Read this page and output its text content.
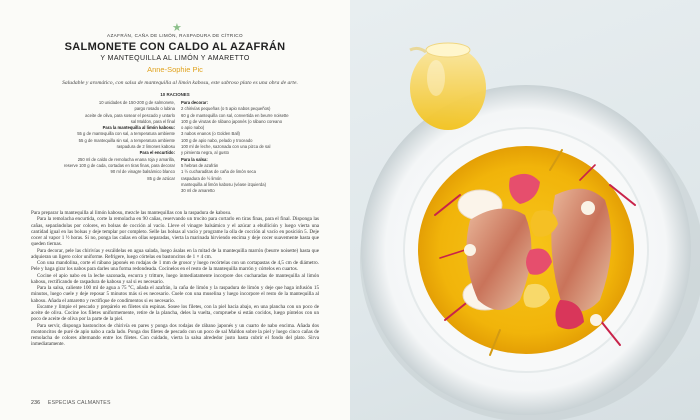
★
AZAFRÁN, CAÑA DE LIMÓN, RASPADURA DE CÍTRICO
SALMONETE CON CALDO AL AZAFRÁN
Y MANTEQUILLA AL LIMÓN Y AMARETTO
Anne-Sophie Pic
Saludable y aromático, con salsa de mantequilla al limón kabosu, este sabroso plato es una obra de arte.
10 RACIONES
10 unidades de 150-200 g de salmonete,
pargo rosado o lubina
aceite de oliva, para sosear el pescado y untarlo
sal Maldon, para el final
Para la mantequilla al limón kabosu:
55 g de mantequilla con sal, a temperatura ambiente
55 g de mantequilla sin sal, a temperatura ambiente
raspadura de 2 limones kabosu
Para el encurtido:
250 ml de caldo de remolacha enana roja y amarilla,
reserve 100 g de cada, cortadas en tiras finas, para decorar
90 ml de vinagre balsámico blanco
85 g de azúcar
Para decorar:
2 chirivías pequeñas (o 5 apio nabos pequeños)
60 g de mantequilla con sal, convertida en beurre noisette
100 g de virutas de rábano japonés (o rábano coreano
o apio nabo)
3 nabos enanos (o Golden Ball)
100 g de apio nabo, pelado y troceado
100 ml de leche, sazonada con una pizca de sal
y pimienta negra, al gusto
Para la salsa:
5 hebras de azafrán
1 ½ cucharaditas de caña de limón seca
raspadura de ½ limón
mantequilla al limón kabosu (véase izquierda)
30 ml de amaretto

Para preparar la mantequilla al limón kabosu, mezcle las mantequillas con la raspadura de kabosu.

Para la remolacha encurtida, corte la remolacha en 90 cañas, reservando un trocito para cortarlo en tiras finas, para el final. Disponga las cañas, separándolas por colores, en bolsas de cocción al vacío. Lleve el vinagre balsámico y el azúcar a ebullición y luego vierta una cantidad igual en las bolsas y deje templar por completo. Selle las bolsas al vacío y programe la olla de cocción al vacío en posición 5. Deje cocer al vapor 1 ½ horas. Si no, ponga las cañas en ollas separadas, vierta la marinada hirviendo encima y deje cocer suavemente hasta que queden tiernas.

Para decorar, pele las chirivías y escáldelas en agua salada, luego ásalas en la mitad de la mantequilla marrón (beurre noisette) hasta que adquieran un ligero color uniforme. Refrigere, luego córtelas en bastoncitos de 1 × 4 cm.

Con una mandolina, corte el rábano japonés en rodajas de 1 mm de grosor y luego recórtelas con un cortapastas de 4,5 cm de diámetro. Pele y haga girar los nabos para darles una forma redondeada. Cocínelos en el resto de la mantequilla marrón y córtelos en cuartos.

Cocine el apio nabo en la leche sazonada, escurra y tritture, luego inmediatamente incorpore dos cucharadas de mantequilla al limón kabosu, rectificando de raspadura de kabosu y sal si es necesario.

Para la salsa, caliente 100 ml de agua a 75 °C, añada el azafrán, la caña de limón y la raspadura de limón y deje que haga infusión 15 minutos, luego cuele y deje reposar 5 minutos más si es necesario. Cuele con una muselina y luego incorpore el resto de la mantequilla al kabosu. Añada el amaretto y rectifique de condimentos si es necesario.

Escame y limpie el pescado y prepárelo en filetes sin espinas. Sosee los filetes, con la piel hacia abajo, en una plancha con un poco de aceite de oliva. Cocine los filetes uniformemente, retire de la plancha, deles la vuelta, compruebe si están cocidos, luego píntelos con un poco de aceite de oliva por la parte de la piel.

Para servir, disponga bastoncitos de chirivía en pares y ponga dos rodajas de rábano japonés y un cuarto de nabo encima. Añada dos montoncitos de puré de apio nabo a cada lado. Ponga dos filetes de pescado con un poco de sal Maldon sobre la piel y luego cinco cañas de remolacha de colores alternando entre los filetes. Con cuidado, vierta la salsa alrededor justo hasta cubrir el fondo del plato. Sirva inmediatamente.

236 ESPECIAS CALMANTES
